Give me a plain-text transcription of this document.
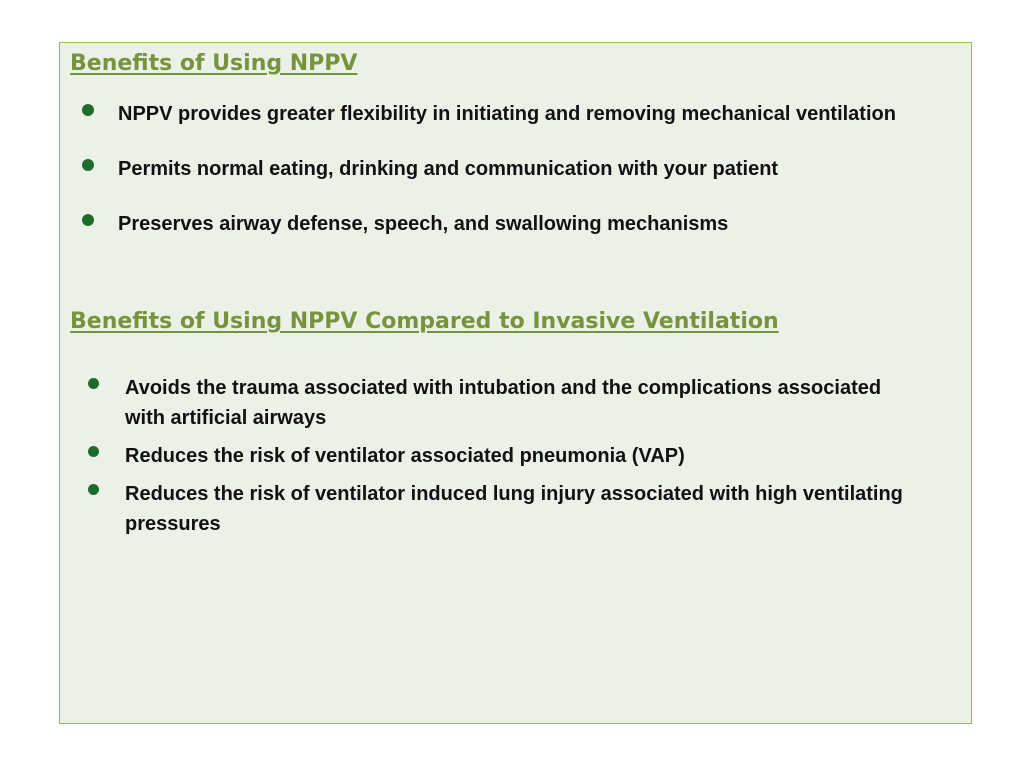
Benefits of Using NPPV
NPPV provides greater flexibility in initiating and removing mechanical ventilation
Permits normal eating, drinking and communication with your patient
Preserves airway defense, speech, and swallowing mechanisms
Benefits of Using NPPV Compared to Invasive Ventilation
Avoids the trauma associated with intubation and the complications associated with artificial airways
Reduces the risk of ventilator associated pneumonia (VAP)
Reduces the risk of ventilator induced lung injury associated with high ventilating pressures
